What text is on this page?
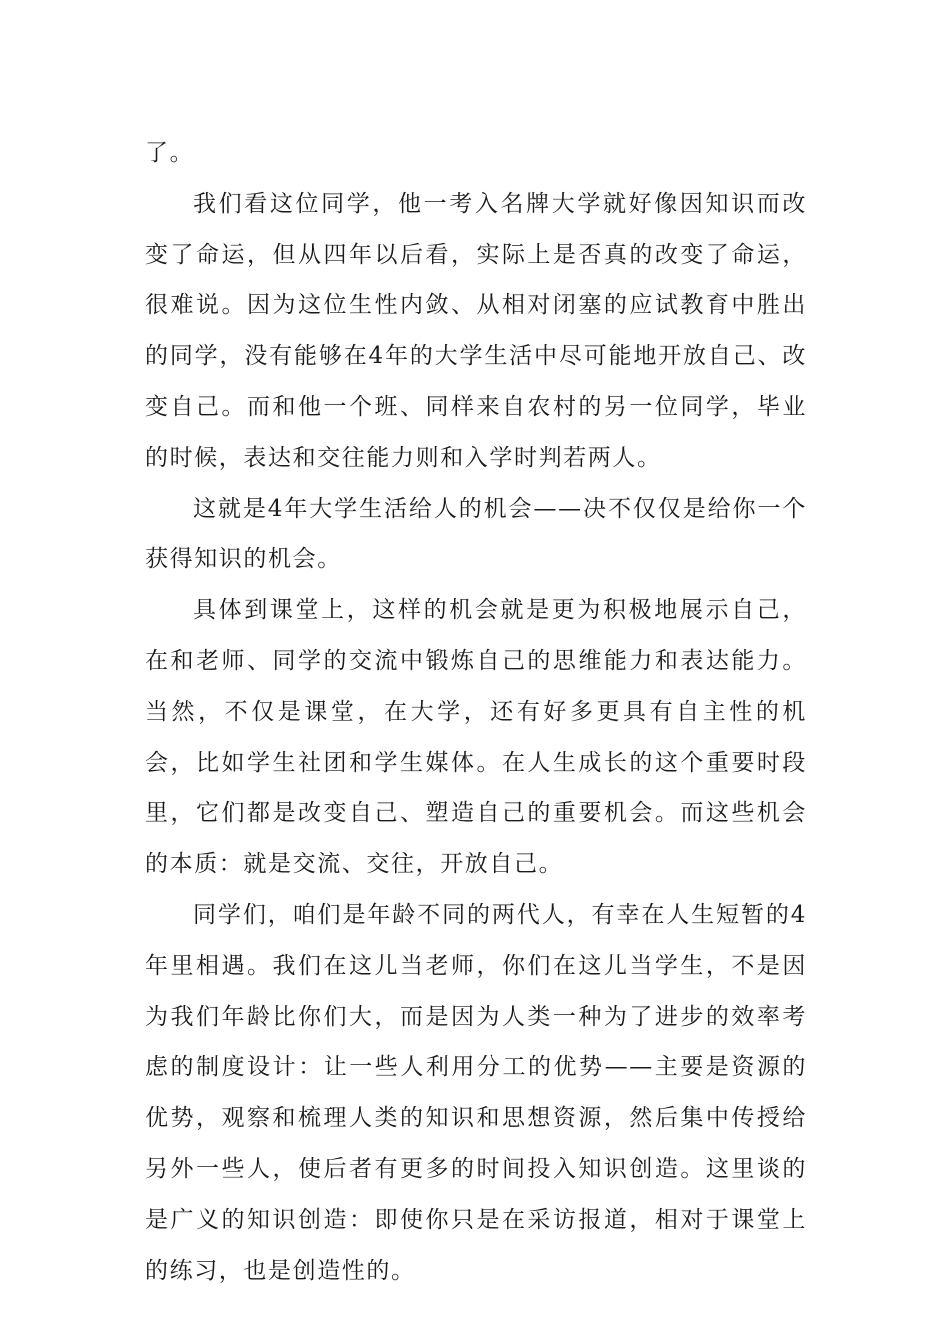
了。

我们看这位同学，他一考入名牌大学就好像因知识而改变了命运，但从四年以后看，实际上是否真的改变了命运，很难说。因为这位生性内敛、从相对闭塞的应试教育中胜出的同学，没有能够在4年的大学生活中尽可能地开放自己、改变自己。而和他一个班、同样来自农村的另一位同学，毕业的时候，表达和交往能力则和入学时判若两人。

这就是4年大学生活给人的机会——决不仅仅是给你一个获得知识的机会。

具体到课堂上，这样的机会就是更为积极地展示自己，在和老师、同学的交流中锻炼自己的思维能力和表达能力。当然，不仅是课堂，在大学，还有好多更具有自主性的机会，比如学生社团和学生媒体。在人生成长的这个重要时段里，它们都是改变自己、塑造自己的重要机会。而这些机会的本质：就是交流、交往，开放自己。

同学们，咱们是年龄不同的两代人，有幸在人生短暂的4年里相遇。我们在这儿当老师，你们在这儿当学生，不是因为我们年龄比你们大，而是因为人类一种为了进步的效率考虑的制度设计：让一些人利用分工的优势——主要是资源的优势，观察和梳理人类的知识和思想资源，然后集中传授给另外一些人，使后者有更多的时间投入知识创造。这里谈的是广义的知识创造：即使你只是在采访报道，相对于课堂上的练习，也是创造性的。
